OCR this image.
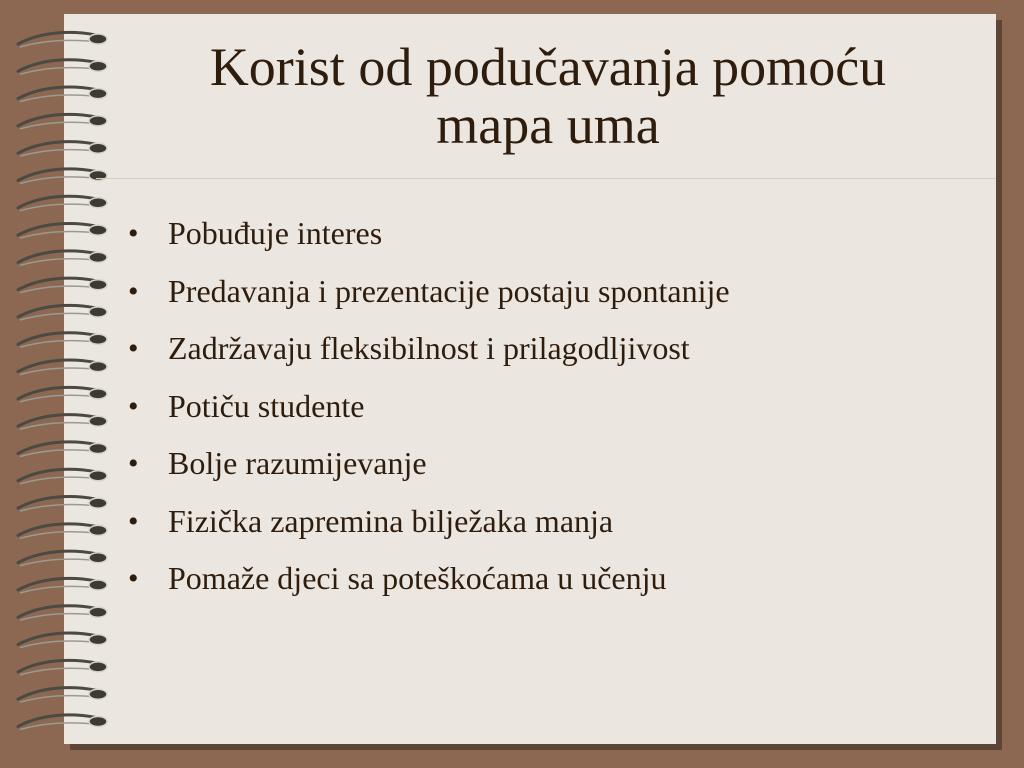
Korist od podučavanja pomoću
mapa uma
• Pobuđuje interes
• Predavanja i prezentacije postaju spontanije
• Zadržavaju fleksibilnost i prilagodljivost
• Potiču studente
• Bolje razumijevanje
• Fizička zapremina bilježaka manja
• Pomaže djeci sa poteškoćama u učenju
